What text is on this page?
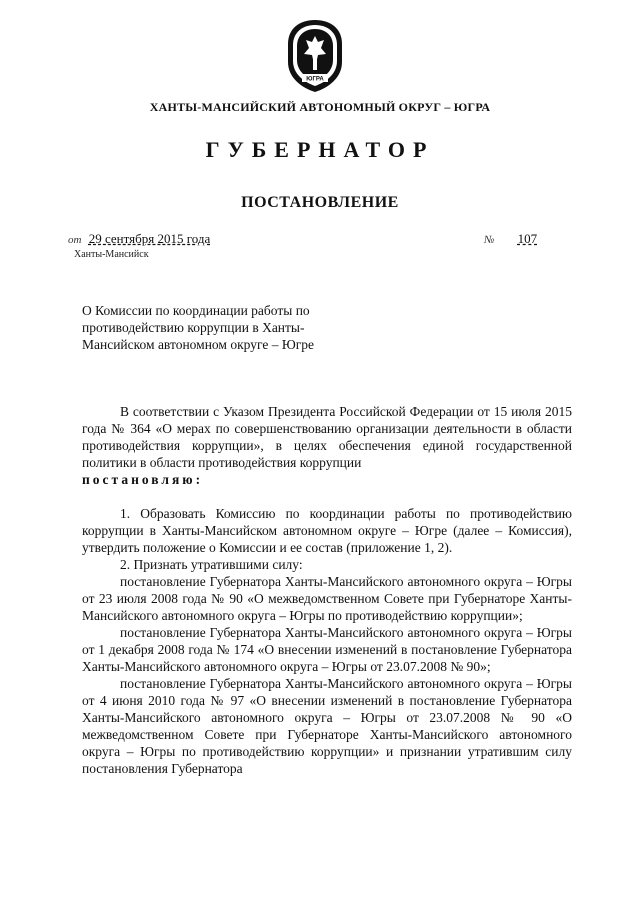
ЮГРА
ХАНТЫ-МАНСИЙСКИЙ АВТОНОМНЫЙ ОКРУГ – ЮГРА
ГУБЕРНАТОР
ПОСТАНОВЛЕНИЕ
от 29 сентября 2015 года
Ханты-Мансийск
№ 107
О Комиссии по координации работы по противодействию коррупции в Ханты-Мансийском автономном округе – Югре

В соответствии с Указом Президента Российской Федерации от 15 июля 2015 года № 364 «О мерах по совершенствованию организации деятельности в области противодействия коррупции», в целях обеспечения единой государственной политики в области противодействия коррупции

постановляю:

1. Образовать Комиссию по координации работы по противодействию коррупции в Ханты-Мансийском автономном округе – Югре (далее – Комиссия), утвердить положение о Комиссии и ее состав (приложение 1, 2).

2. Признать утратившими силу:

постановление Губернатора Ханты-Мансийского автономного округа – Югры от 23 июля 2008 года № 90 «О межведомственном Совете при Губернаторе Ханты-Мансийского автономного округа – Югры по противодействию коррупции»;

постановление Губернатора Ханты-Мансийского автономного округа – Югры от 1 декабря 2008 года № 174 «О внесении изменений в постановление Губернатора Ханты-Мансийского автономного округа – Югры от 23.07.2008 № 90»;

постановление Губернатора Ханты-Мансийского автономного округа – Югры от 4 июня 2010 года № 97 «О внесении изменений в постановление Губернатора Ханты-Мансийского автономного округа – Югры от 23.07.2008 № 90 «О межведомственном Совете при Губернаторе Ханты-Мансийского автономного округа – Югры по противодействию коррупции» и признании утратившим силу постановления Губернатора
